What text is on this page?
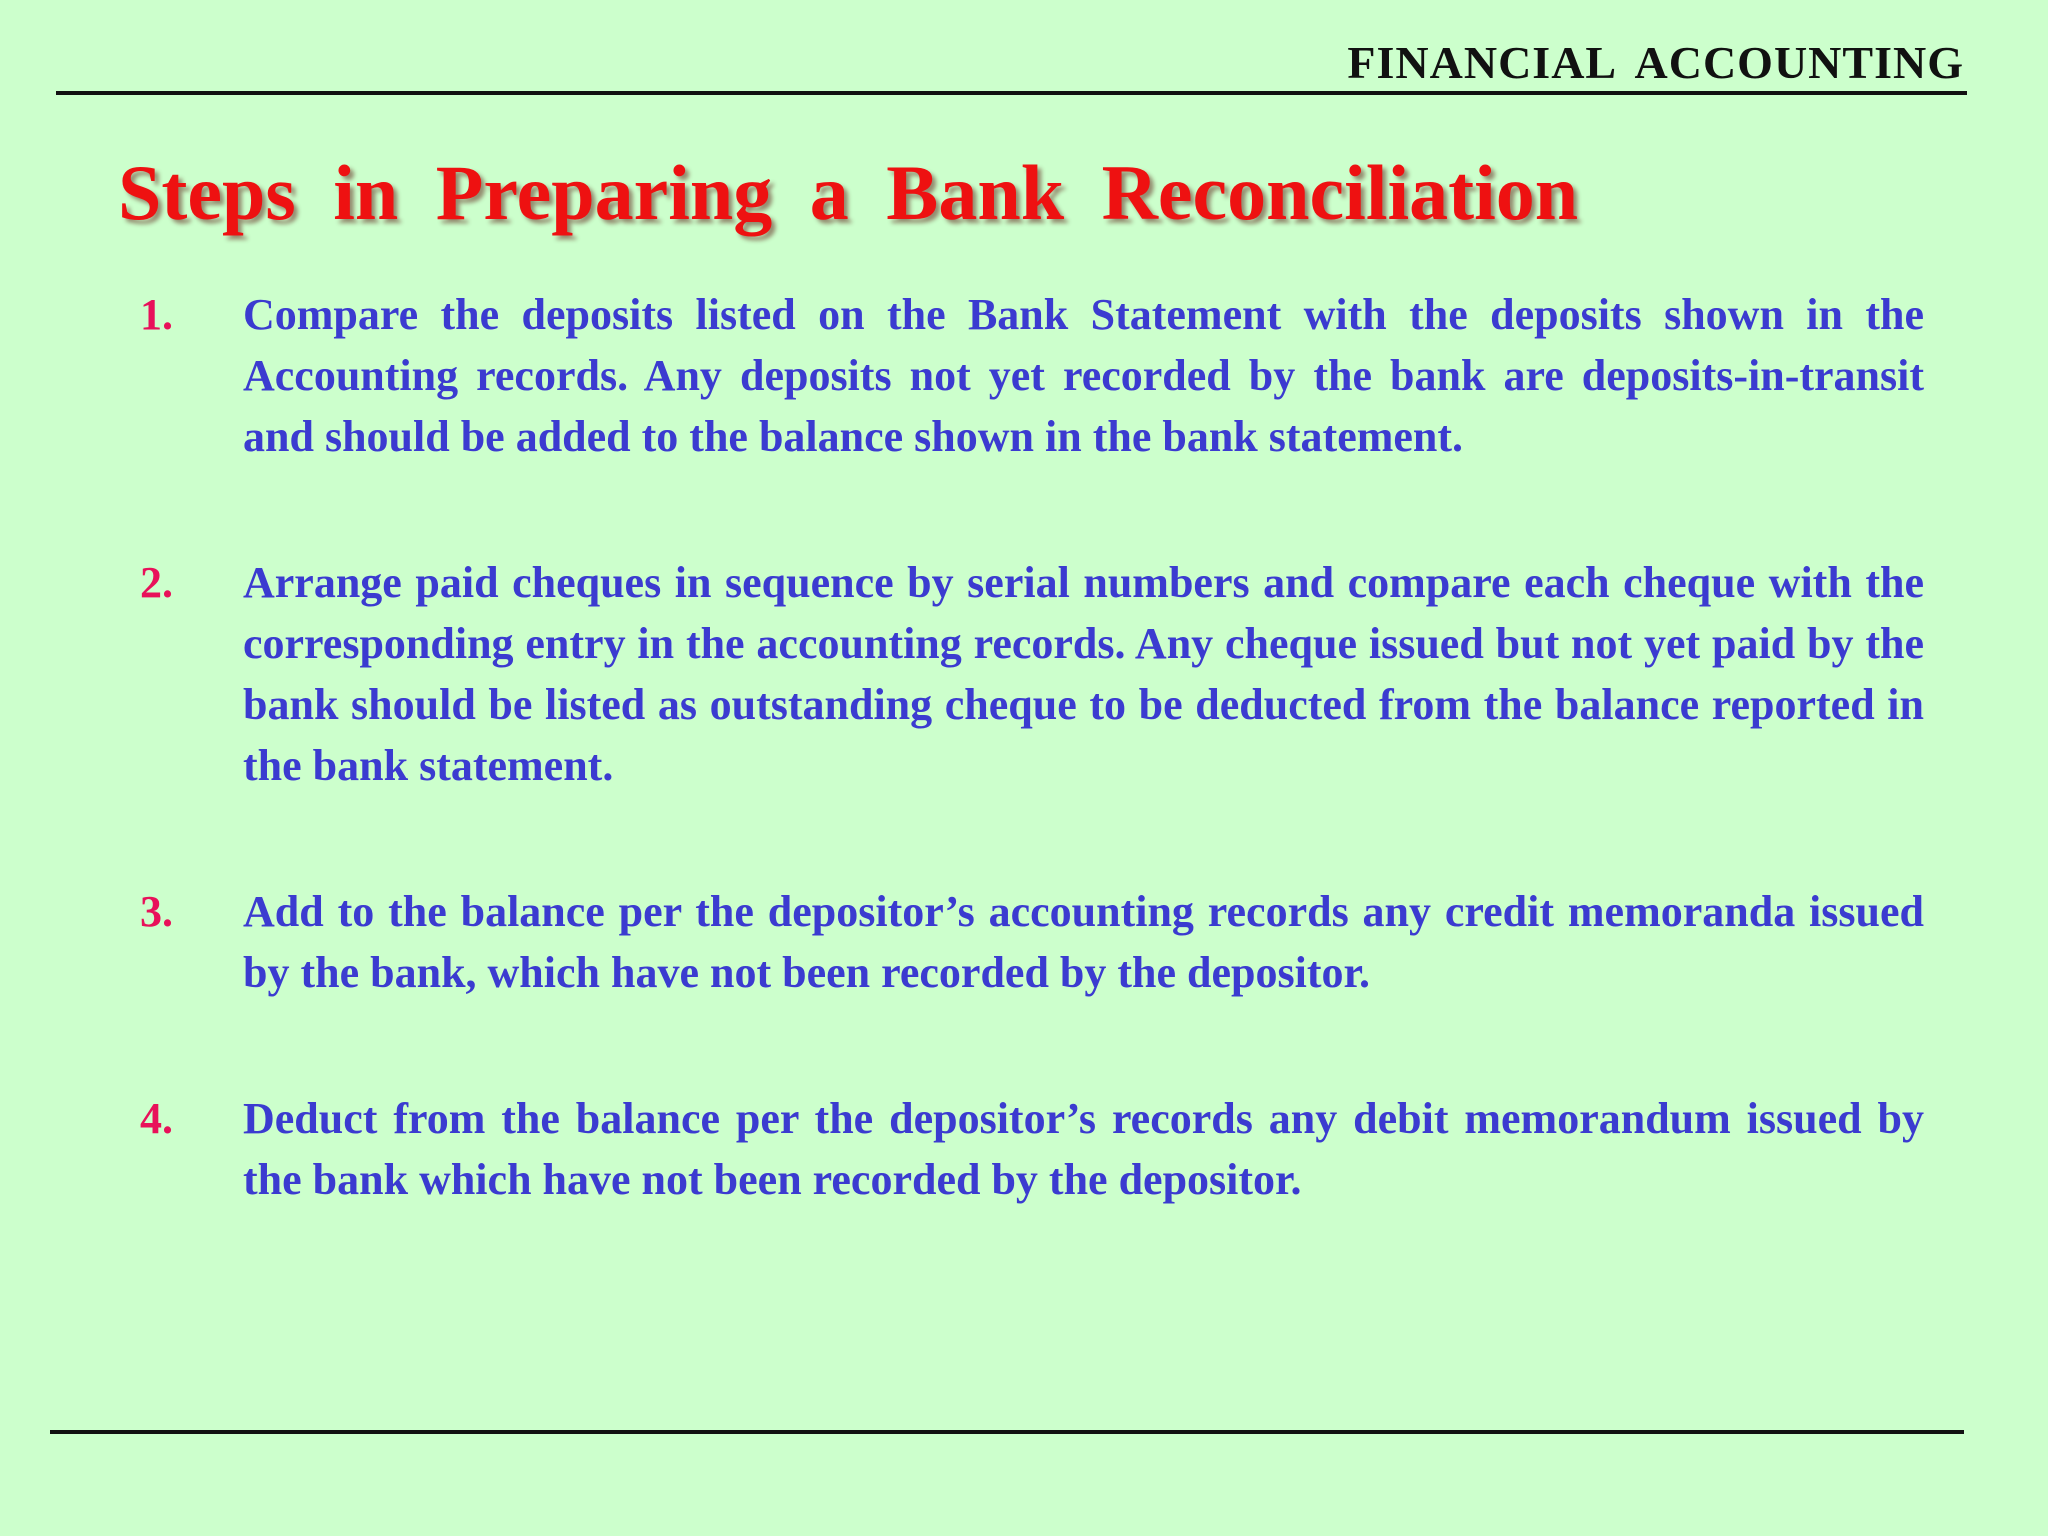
FINANCIAL ACCOUNTING
Steps in Preparing a Bank Reconciliation
1.	Compare the deposits listed on the Bank Statement with the deposits shown in the Accounting records. Any deposits not yet recorded by the bank are deposits-in-transit and should be added to the balance shown in the bank statement.
2.	Arrange paid cheques in sequence by serial numbers and compare each cheque with the corresponding entry in the accounting records. Any cheque issued but not yet paid by the bank should be listed as outstanding cheque to be deducted from the balance reported in the bank statement.
3.	Add to the balance per the depositor’s accounting records any credit memoranda issued by the bank, which have not been recorded by the depositor.
4.	Deduct from the balance per the depositor’s records any debit memorandum issued by the bank which have not been recorded by the depositor.
